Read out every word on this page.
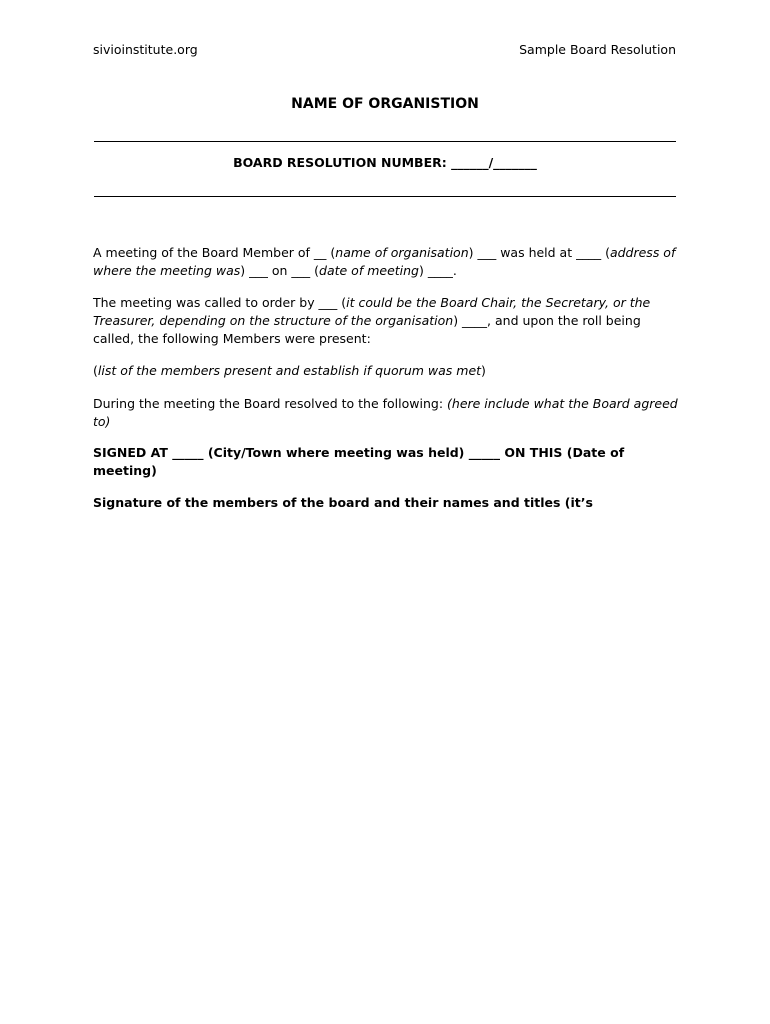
sivioinstitute.org	Sample Board Resolution
NAME OF ORGANISTION
BOARD RESOLUTION NUMBER: ______/_______
A meeting of the Board Member of __ (name of organisation) ___ was held at ____ (address of where the meeting was) ___ on ___ (date of meeting) ____.
The meeting was called to order by ___ (it could be the Board Chair, the Secretary, or the Treasurer, depending on the structure of the organisation) ____, and upon the roll being called, the following Members were present:
(list of the members present and establish if quorum was met)
During the meeting the Board resolved to the following: (here include what the Board agreed to)
SIGNED AT _____ (City/Town where meeting was held) _____ ON THIS (Date of meeting)
Signature of the members of the board and their names and titles (it’s
